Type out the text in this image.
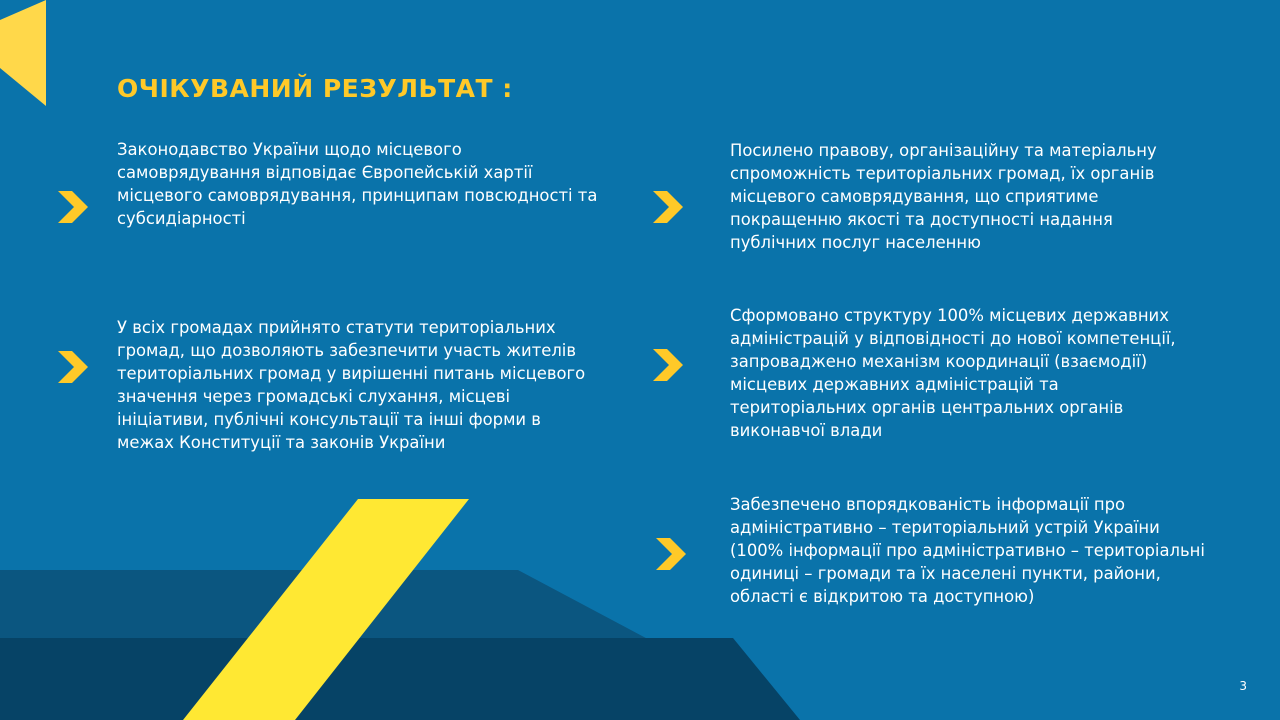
ОЧІКУВАНИЙ РЕЗУЛЬТАТ :

Законодавство України щодо місцевого самоврядування відповідає Європейській хартії місцевого самоврядування, принципам повсюдності та субсидіарності

У всіх громадах прийнято статути територіальних громад, що дозволяють забезпечити участь жителів територіальних громад у вирішенні питань місцевого значення через громадські слухання, місцеві ініціативи, публічні консультації та інші форми в межах Конституції та законів України

Посилено правову, організаційну та матеріальну спроможність територіальних громад, їх органів місцевого самоврядування, що сприятиме покращенню якості та доступності надання публічних послуг населенню

Сформовано структуру 100% місцевих державних адміністрацій у відповідності до нової компетенції, запроваджено механізм координації (взаємодії) місцевих державних адміністрацій та територіальних органів центральних органів виконавчої влади

Забезпечено впорядкованість інформації про адміністративно – територіальний устрій України (100% інформації про адміністративно – територіальні одиниці – громади та їх населені пункти, райони, області є відкритою та доступною)

3
